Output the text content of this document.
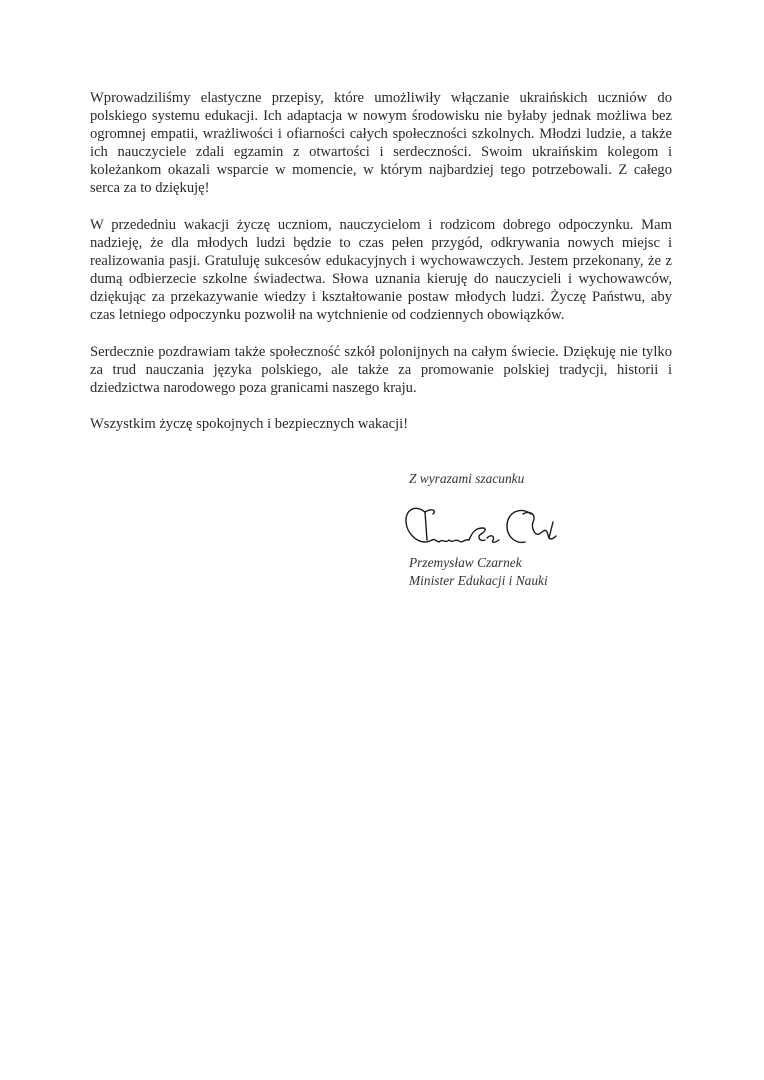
Wprowadziliśmy elastyczne przepisy, które umożliwiły włączanie ukraińskich uczniów do polskiego systemu edukacji. Ich adaptacja w nowym środowisku nie byłaby jednak możliwa bez ogromnej empatii, wrażliwości i ofiarności całych społeczności szkolnych. Młodzi ludzie, a także ich nauczyciele zdali egzamin z otwartości i serdeczności. Swoim ukraińskim kolegom i koleżankom okazali wsparcie w momencie, w którym najbardziej tego potrzebowali. Z całego serca za to dziękuję!

W przededniu wakacji życzę uczniom, nauczycielom i rodzicom dobrego odpoczynku. Mam nadzieję, że dla młodych ludzi będzie to czas pełen przygód, odkrywania nowych miejsc i realizowania pasji. Gratuluję sukcesów edukacyjnych i wychowawczych. Jestem przekonany, że z dumą odbierzecie szkolne świadectwa. Słowa uznania kieruję do nauczycieli i wychowawców, dziękując za przekazywanie wiedzy i kształtowanie postaw młodych ludzi. Życzę Państwu, aby czas letniego odpoczynku pozwolił na wytchnienie od codziennych obowiązków.

Serdecznie pozdrawiam także społeczność szkół polonijnych na całym świecie. Dziękuję nie tylko za trud nauczania języka polskiego, ale także za promowanie polskiej tradycji, historii i dziedzictwa narodowego poza granicami naszego kraju.

Wszystkim życzę spokojnych i bezpiecznych wakacji!

Z wyrazami szacunku
Przemysław Czarnek
Minister Edukacji i Nauki
